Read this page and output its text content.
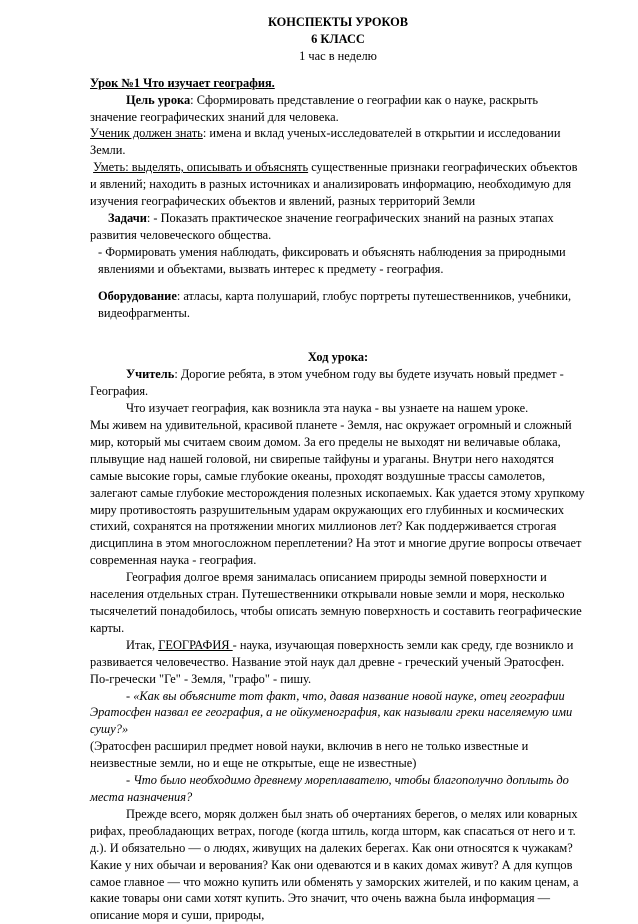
КОНСПЕКТЫ УРОКОВ

6 КЛАСС

1 час в неделю

Урок №1 Что изучает география.

Цель урока: Сформировать представление о географии как о науке, раскрыть значение географических знаний для человека.

Ученик должен знать: имена и вклад ученых-исследователей в открытии и исследовании Земли.

Уметь: выделять, описывать и объяснять существенные признаки географических объектов и явлений; находить в разных источниках и анализировать информацию, необходимую для изучения географических объектов и явлений, разных территорий Земли

Задачи: - Показать практическое значение географических знаний на разных этапах развития человеческого общества.

- Формировать умения наблюдать, фиксировать и объяснять наблюдения за природными явлениями и объектами, вызвать интерес к предмету - география.

Оборудование: атласы, карта полушарий, глобус портреты путешественников, учебники, видеофрагменты.

Ход урока:

Учитель: Дорогие ребята, в этом учебном году вы будете изучать новый предмет - География.

Что изучает география, как возникла эта наука - вы узнаете на нашем уроке.

Мы живем на удивительной, красивой планете - Земля, нас окружает огромный и сложный мир, который мы считаем своим домом. За его пределы не выходят ни величавые облака, плывущие над нашей головой, ни свирепые тайфуны и ураганы. Внутри него находятся самые высокие горы, самые глубокие океаны, проходят воздушные трассы самолетов, залегают самые глубокие месторождения полезных ископаемых. Как удается этому хрупкому миру противостоять разрушительным ударам окружающих его глубинных и космических стихий, сохранятся на протяжении многих миллионов лет? Как поддерживается строгая дисциплина в этом многосложном переплетении? На этот и многие другие вопросы отвечает современная наука - география.

География долгое время занималась описанием природы земной поверхности и населения отдельных стран. Путешественники открывали новые земли и моря, несколько тысячелетий понадобилось, чтобы описать земную поверхность и составить географические карты.

Итак, ГЕОГРАФИЯ - наука, изучающая поверхность земли как среду, где возникло и развивается человечество. Название этой наук дал древне - греческий ученый Эратосфен. По-гречески "Ге" - Земля, "графо" - пишу.

- «Как вы объясните тот факт, что, давая название новой науке, отец географии Эратосфен назвал ее география, а не ойкуменография, как называли греки населяемую ими сушу?»

(Эратосфен расширил предмет новой науки, включив в него не только известные и неизвестные земли, но и еще не открытые, еще не известные)

- Что было необходимо древнему мореплавателю, чтобы благополучно доплыть до места назначения?

Прежде всего, моряк должен был знать об очертаниях берегов, о мелях или коварных рифах, преобладающих ветрах, погоде (когда штиль, когда шторм, как спасаться от него и т. д.). И обязательно — о людях, живущих на далеких берегах. Как они относятся к чужакам? Какие у них обычаи и верования? Как они одеваются и в каких домах живут? А для купцов самое главное — что можно купить или обменять у заморских жителей, и по каким ценам, а какие товары они сами хотят купить. Это значит, что очень важна была информация — описание моря и суши, природы,
